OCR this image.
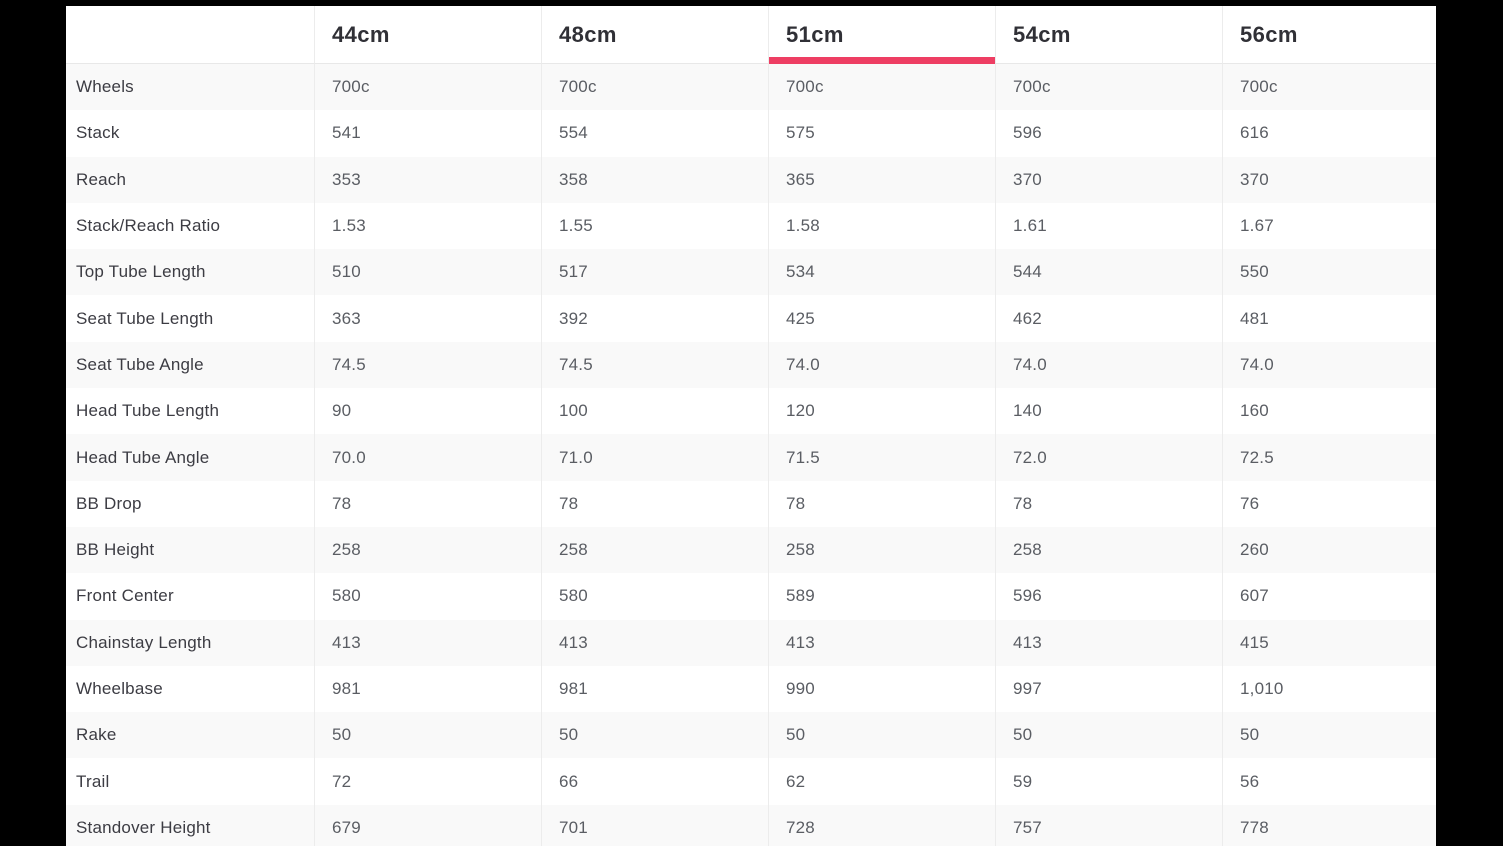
	44cm	48cm	51cm	54cm	56cm
Wheels	700c	700c	700c	700c	700c
Stack	541	554	575	596	616
Reach	353	358	365	370	370
Stack/Reach Ratio	1.53	1.55	1.58	1.61	1.67
Top Tube Length	510	517	534	544	550
Seat Tube Length	363	392	425	462	481
Seat Tube Angle	74.5	74.5	74.0	74.0	74.0
Head Tube Length	90	100	120	140	160
Head Tube Angle	70.0	71.0	71.5	72.0	72.5
BB Drop	78	78	78	78	76
BB Height	258	258	258	258	260
Front Center	580	580	589	596	607
Chainstay Length	413	413	413	413	415
Wheelbase	981	981	990	997	1,010
Rake	50	50	50	50	50
Trail	72	66	62	59	56
Standover Height	679	701	728	757	778
